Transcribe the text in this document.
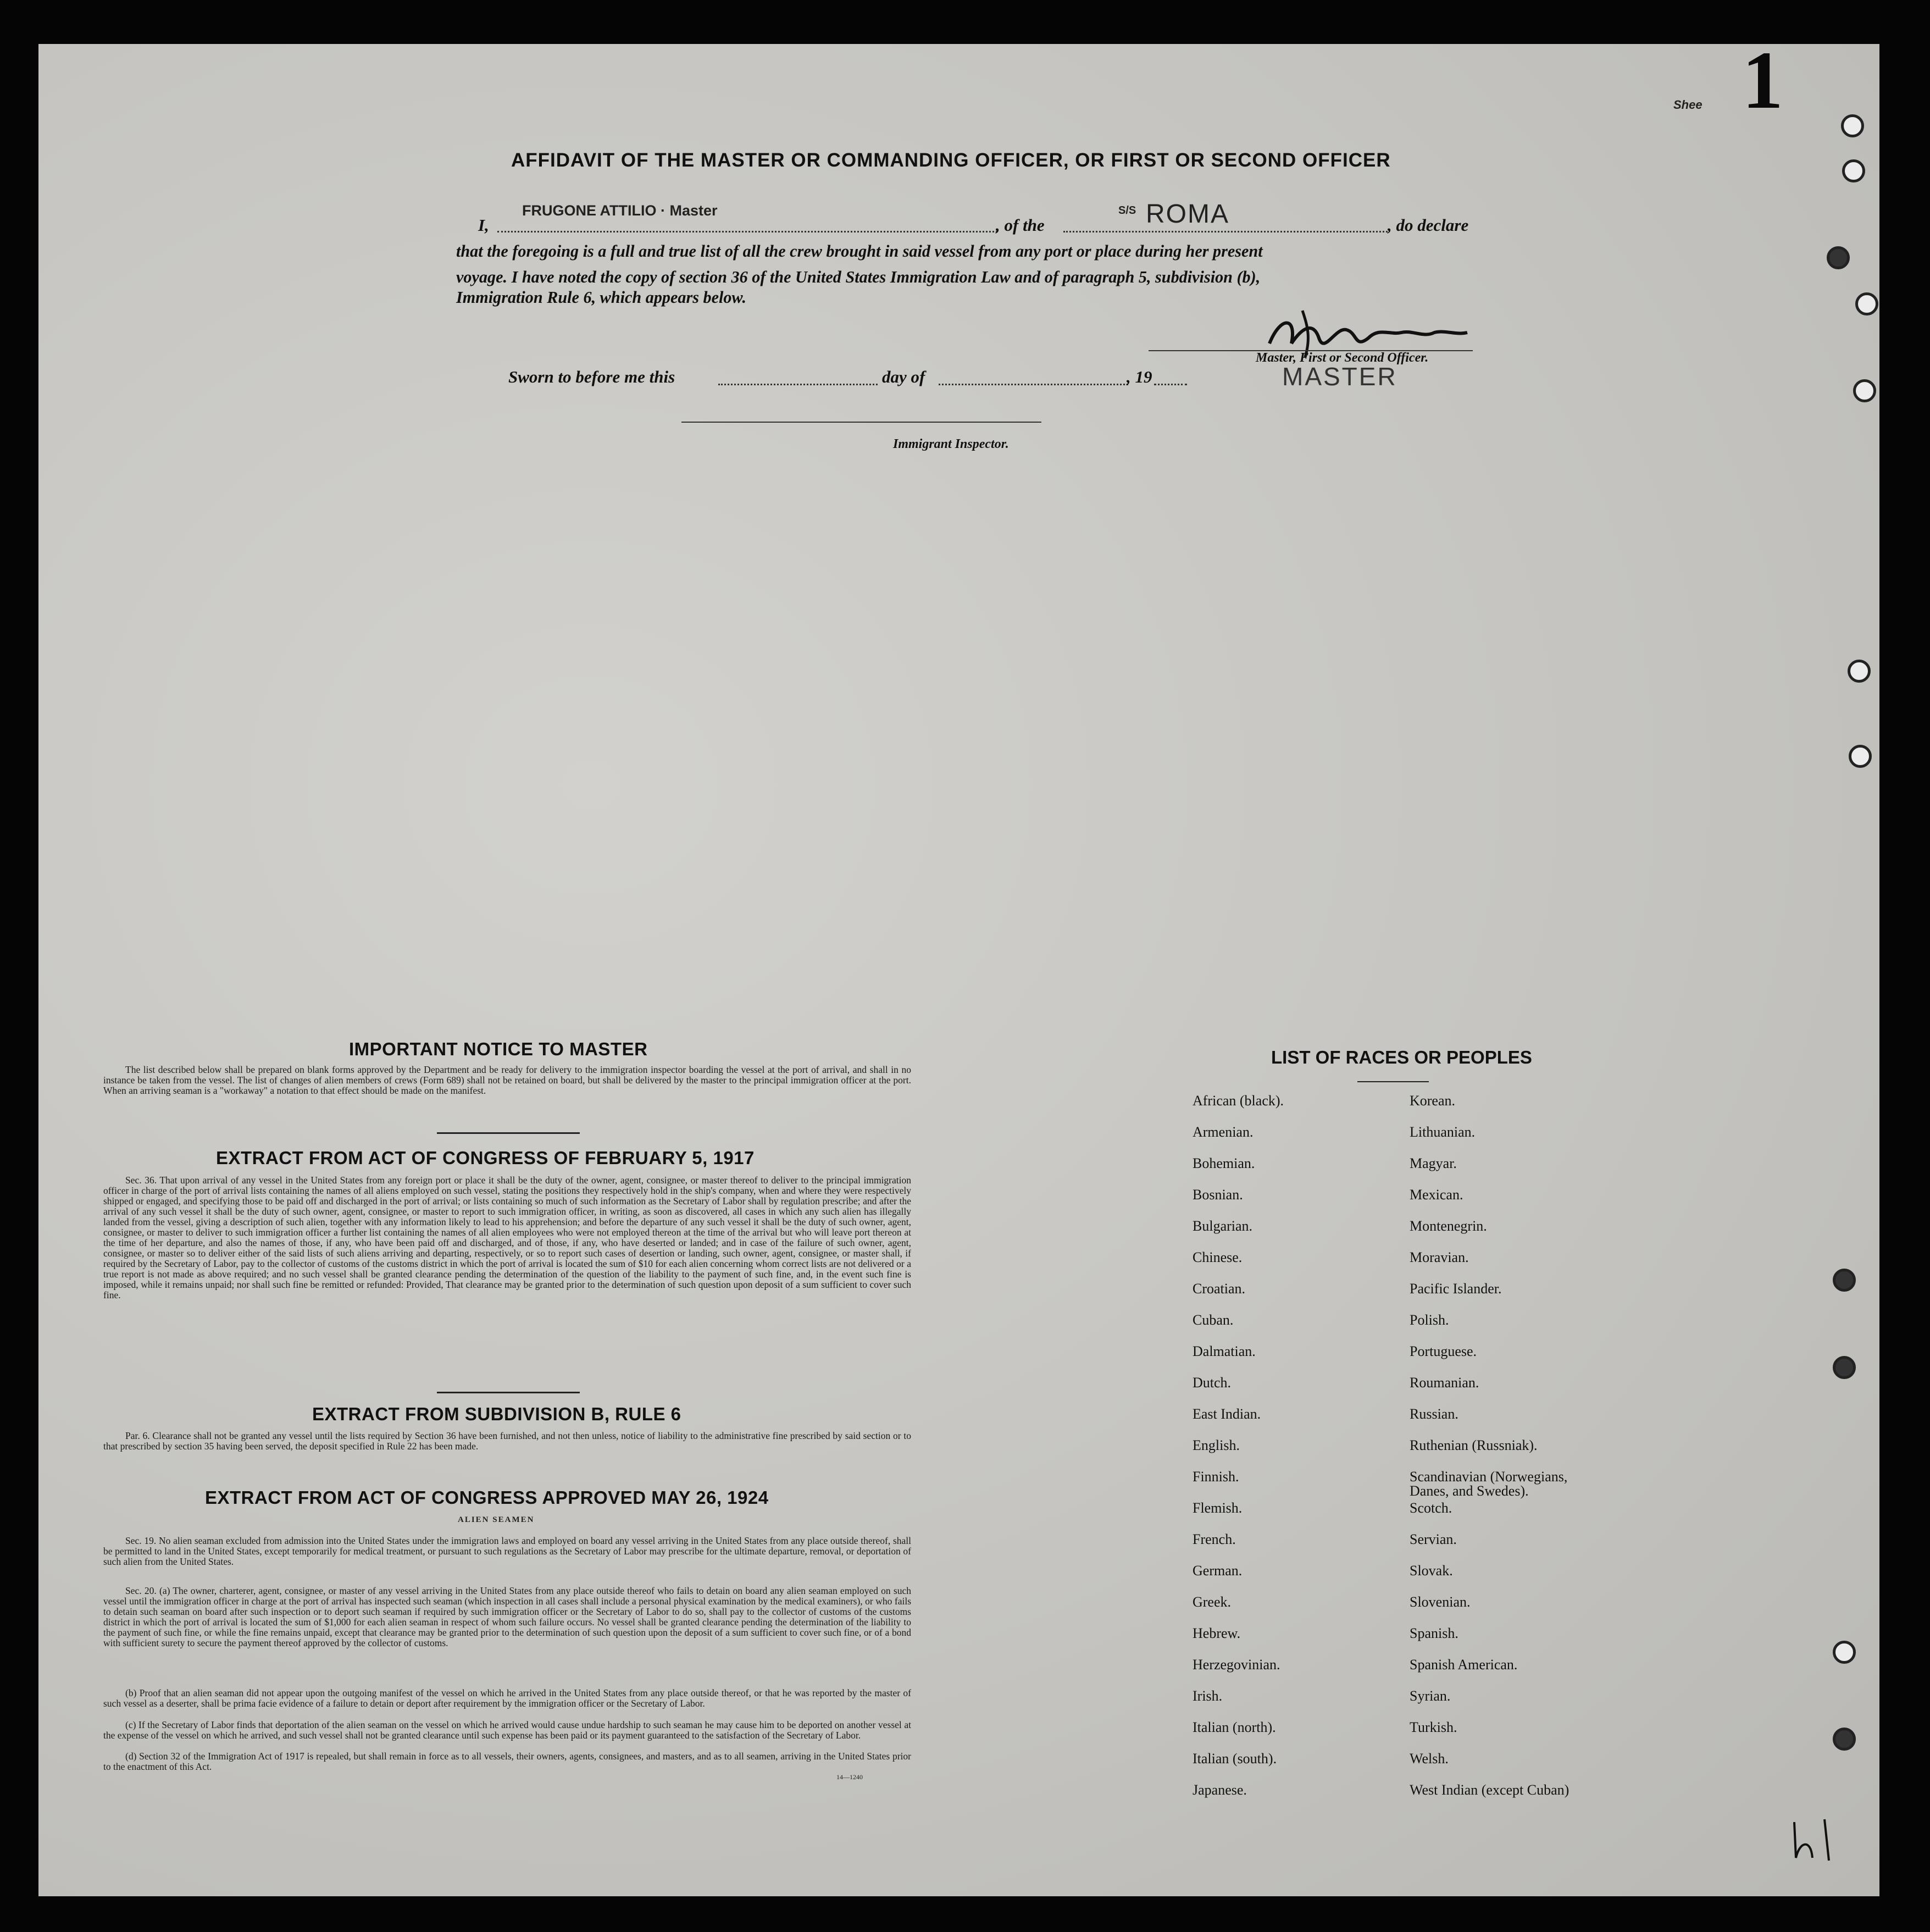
Shee 1
AFFIDAVIT OF THE MASTER OR COMMANDING OFFICER, OR FIRST OR SECOND OFFICER
I,
FRUGONE ATTILIO · Master
, of the
S/S ROMA	, do declare
that the foregoing is a full and true list of all the crew brought in said vessel from any port or place during her present
voyage. I have noted the copy of section 36 of the United States Immigration Law and of paragraph 5, subdivision (b),
Immigration Rule 6, which appears below.
Master, First or Second Officer.
MASTER
Sworn to before me this	day of	, 19
Immigrant Inspector.
IMPORTANT NOTICE TO MASTER
The list described below shall be prepared on blank forms approved by the Department and be ready for delivery to the immigration inspector boarding the vessel at the port of arrival, and shall in no instance be taken from the vessel. The list of changes of alien members of crews (Form 689) shall not be retained on board, but shall be delivered by the master to the principal immigration officer at the port. When an arriving seaman is a "workaway" a notation to that effect should be made on the manifest.
EXTRACT FROM ACT OF CONGRESS OF FEBRUARY 5, 1917
Sec. 36. That upon arrival of any vessel in the United States from any foreign port or place it shall be the duty of the owner, agent, consignee, or master thereof to deliver to the principal immigration officer in charge of the port of arrival lists containing the names of all aliens employed on such vessel, stating the positions they respectively hold in the ship's company, when and where they were respectively shipped or engaged, and specifying those to be paid off and discharged in the port of arrival; or lists containing so much of such information as the Secretary of Labor shall by regulation prescribe; and after the arrival of any such vessel it shall be the duty of such owner, agent, consignee, or master to report to such immigration officer, in writing, as soon as discovered, all cases in which any such alien has illegally landed from the vessel, giving a description of such alien, together with any information likely to lead to his apprehension; and before the departure of any such vessel it shall be the duty of such owner, agent, consignee, or master to deliver to such immigration officer a further list containing the names of all alien employees who were not employed thereon at the time of the arrival but who will leave port thereon at the time of her departure, and also the names of those, if any, who have been paid off and discharged, and of those, if any, who have deserted or landed; and in case of the failure of such owner, agent, consignee, or master so to deliver either of the said lists of such aliens arriving and departing, respectively, or so to report such cases of desertion or landing, such owner, agent, consignee, or master shall, if required by the Secretary of Labor, pay to the collector of customs of the customs district in which the port of arrival is located the sum of $10 for each alien concerning whom correct lists are not delivered or a true report is not made as above required; and no such vessel shall be granted clearance pending the determination of the question of the liability to the payment of such fine, and, in the event such fine is imposed, while it remains unpaid; nor shall such fine be remitted or refunded: Provided, That clearance may be granted prior to the determination of such question upon deposit of a sum sufficient to cover such fine.
EXTRACT FROM SUBDIVISION B, RULE 6
Par. 6. Clearance shall not be granted any vessel until the lists required by Section 36 have been furnished, and not then unless, notice of liability to the administrative fine prescribed by said section or to that prescribed by section 35 having been served, the deposit specified in Rule 22 has been made.
EXTRACT FROM ACT OF CONGRESS APPROVED MAY 26, 1924
ALIEN SEAMEN
Sec. 19. No alien seaman excluded from admission into the United States under the immigration laws and employed on board any vessel arriving in the United States from any place outside thereof, shall be permitted to land in the United States, except temporarily for medical treatment, or pursuant to such regulations as the Secretary of Labor may prescribe for the ultimate departure, removal, or deportation of such alien from the United States.
Sec. 20. (a) The owner, charterer, agent, consignee, or master of any vessel arriving in the United States from any place outside thereof who fails to detain on board any alien seaman employed on such vessel until the immigration officer in charge at the port of arrival has inspected such seaman (which inspection in all cases shall include a personal physical examination by the medical examiners), or who fails to detain such seaman on board after such inspection or to deport such seaman if required by such immigration officer or the Secretary of Labor to do so, shall pay to the collector of customs of the customs district in which the port of arrival is located the sum of $1,000 for each alien seaman in respect of whom such failure occurs. No vessel shall be granted clearance pending the determination of the liability to the payment of such fine, or while the fine remains unpaid, except that clearance may be granted prior to the determination of such question upon the deposit of a sum sufficient to cover such fine, or of a bond with sufficient surety to secure the payment thereof approved by the collector of customs.
(b) Proof that an alien seaman did not appear upon the outgoing manifest of the vessel on which he arrived in the United States from any place outside thereof, or that he was reported by the master of such vessel as a deserter, shall be prima facie evidence of a failure to detain or deport after requirement by the immigration officer or the Secretary of Labor.
(c) If the Secretary of Labor finds that deportation of the alien seaman on the vessel on which he arrived would cause undue hardship to such seaman he may cause him to be deported on another vessel at the expense of the vessel on which he arrived, and such vessel shall not be granted clearance until such expense has been paid or its payment guaranteed to the satisfaction of the Secretary of Labor.
(d) Section 32 of the Immigration Act of 1917 is repealed, but shall remain in force as to all vessels, their owners, agents, consignees, and masters, and as to all seamen, arriving in the United States prior to the enactment of this Act.
14—1240
LIST OF RACES OR PEOPLES
African (black).	Korean.
Armenian.	Lithuanian.
Bohemian.	Magyar.
Bosnian.	Mexican.
Bulgarian.	Montenegrin.
Chinese.	Moravian.
Croatian.	Pacific Islander.
Cuban.	Polish.
Dalmatian.	Portuguese.
Dutch.	Roumanian.
East Indian.	Russian.
English.	Ruthenian (Russniak).
Finnish.	Scandinavian (Norwegians, Danes, and Swedes).
Flemish.	Scotch.
French.	Servian.
German.	Slovak.
Greek.	Slovenian.
Hebrew.	Spanish.
Herzegovinian.	Spanish American.
Irish.	Syrian.
Italian (north).	Turkish.
Italian (south).	Welsh.
Japanese.	West Indian (except Cuban)
